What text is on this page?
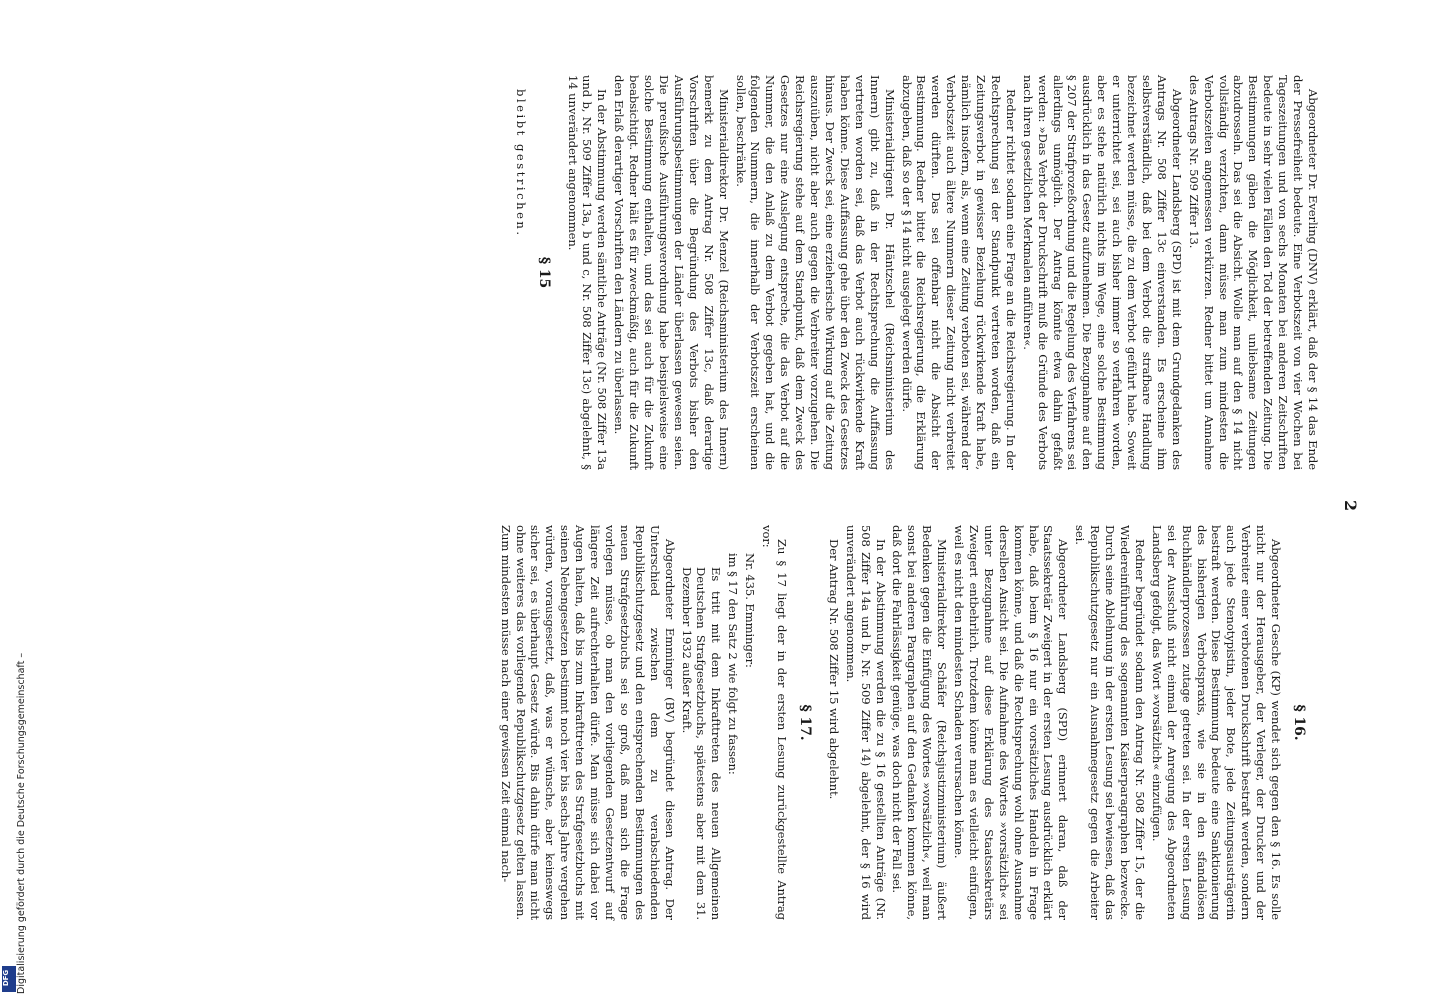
2

Abgeordneter Dr. Everling (DNV) erklärt, daß der § 14 das Ende der Pressefreiheit bedeute. Eine Verbotszeit von vier Wochen bei Tageszeitungen und von sechs Monaten bei anderen Zeitschriften bedeute in sehr vielen Fällen den Tod der betreffenden Zeitung. Die Bestimmungen gäben die Möglichkeit, unliebsame Zeitungen abzudrosseln. Das sei die Absicht. Wolle man auf den § 14 nicht vollständig verzichten, dann müsse man zum mindesten die Verbotszeiten angemessen verkürzen. Redner bittet um Annahme des Antrags Nr. 509 Ziffer 13.

Abgeordneter Landsberg (SPD) ist mit dem Grundgedanken des Antrags Nr. 508 Ziffer 13c einverstanden. Es erscheine ihm selbstverständlich, daß bei dem Verbot die strafbare Handlung bezeichnet werden müsse, die zu dem Verbot geführt habe. Soweit er unterrichtet sei, sei auch bisher immer so verfahren worden, aber es stehe natürlich nichts im Wege, eine solche Bestimmung ausdrücklich in das Gesetz aufzunehmen. Die Bezugnahme auf den § 207 der Strafprozeßordnung und die Regelung des Verfahrens sei allerdings unmöglich. Der Antrag könnte etwa dahin gefaßt werden: »Das Verbot der Druckschrift muß die Gründe des Verbots nach ihren gesetzlichen Merkmalen anführen«.

Redner richtet sodann eine Frage an die Reichsregierung. In der Rechtsprechung sei der Standpunkt vertreten worden, daß ein Zeitungsverbot in gewisser Beziehung rückwirkende Kraft habe, nämlich insofern, als, wenn eine Zeitung verboten sei, während der Verbotszeit auch ältere Nummern dieser Zeitung nicht verbreitet werden dürften. Das sei offenbar nicht die Absicht der Bestimmung. Redner bittet die Reichsregierung, die Erklärung abzugeben, daß so der § 14 nicht ausgelegt werden dürfe.

Ministerialdirigent Dr. Häntzschel (Reichsministerium des Innern) gibt zu, daß in der Rechtsprechung die Auffassung vertreten worden sei, daß das Verbot auch rückwirkende Kraft haben könne. Diese Auffassung gehe über den Zweck des Gesetzes hinaus. Der Zweck sei, eine erzieherische Wirkung auf die Zeitung auszuüben, nicht aber auch gegen die Verbreiter vorzugehen. Die Reichsregierung stehe auf dem Standpunkt, daß dem Zweck des Gesetzes nur eine Auslegung entspreche, die das Verbot auf die Nummer, die den Anlaß zu dem Verbot gegeben hat, und die folgenden Nummern, die innerhalb der Verbotszeit erscheinen sollen, beschränke.

Ministerialdirektor Dr. Menzel (Reichsministerium des Innern) bemerkt zu dem Antrag Nr. 508 Ziffer 13c, daß derartige Vorschriften über die Begründung des Verbots bisher den Ausführungsbestimmungen der Länder überlassen gewesen seien. Die preußische Ausführungsverordnung habe beispielsweise eine solche Bestimmung enthalten, und das sei auch für die Zukunft beabsichtigt. Redner hält es für zweckmäßig, auch für die Zukunft den Erlaß derartiger Vorschriften den Ländern zu überlassen.

In der Abstimmung werden sämtliche Anträge (Nr. 508 Ziffer 13a und b, Nr. 509 Ziffer 13a, b und c, Nr. 508 Ziffer 13c) abgelehnt, § 14 unverändert angenommen.

§ 15

bleibt gestrichen.

§ 16.

Abgeordneter Gesche (KP) wendet sich gegen den § 16. Es solle nicht nur der Herausgeber, der Verleger, der Drucker und der Verbreiter einer verbotenen Druckschrift bestraft werden, sondern auch jede Stenotypistin, jeder Bote, jede Zeitungsausträgerin bestraft werden. Diese Bestimmung bedeute eine Sanktionierung des bisherigen Verbotspraxis, wie sie in den sfandalösen Buchhändlerprozessen zutage getreten sei. In der ersten Lesung sei der Ausschuß nicht einmal der Anregung des Abgeordneten Landsberg gefolgt, das Wort »vorsätzlich« einzufügen.

Redner begründet sodann den Antrag Nr. 508 Ziffer 15, der die Wiedereinführung des sogenannten Kaiserparagraphen bezwecke. Durch seine Ablehnung in der ersten Lesung sei bewiesen, daß das Republikschutzgesetz nur ein Ausnahmegesetz gegen die Arbeiter sei.

Abgeordneter Landsberg (SPD) erinnert daran, daß der Staatssekretär Zweigert in der ersten Lesung ausdrücklich erklärt habe, daß beim § 16 nur ein vorsätzliches Handeln in Frage kommen könne, und daß die Rechtsprechung wohl ohne Ausnahme derselben Ansicht sei. Die Aufnahme des Wortes »vorsätzlich« sei unter Bezugnahme auf diese Erklärung des Staatssekretärs Zweigert entbehrlich. Trotzdem könne man es vielleicht einfügen, weil es nicht den mindesten Schaden verursachen könne.

Ministerialdirektor Schäfer (Reichsjustizministerium) äußert Bedenken gegen die Einfügung des Wortes »vorsätzlich«, weil man sonst bei anderen Paragraphen auf den Gedanken kommen könne, daß dort die Fahrlässigkeit genüge, was doch nicht der Fall sei.

In der Abstimmung werden die zu § 16 gestellten Anträge (Nr. 508 Ziffer 14a und b, Nr. 509 Ziffer 14) abgelehnt, der § 16 wird unverändert angenommen.

Der Antrag Nr. 508 Ziffer 15 wird abgelehnt.

§ 17.

Zu § 17 liegt der in der ersten Lesung zurückgestellte Antrag vor:

Nr. 435. Emminger:

im § 17 den Satz 2 wie folgt zu fassen:

Es tritt mit dem Inkrafttreten des neuen Allgemeinen Deutschen Strafgesetzbuchs, spätestens aber mit dem 31. Dezember 1932 außer Kraft.

Abgeordneter Emminger (BV) begründet diesen Antrag. Der Unterschied zwischen dem zu verabschiedenden Republikschutzgesetz und den entsprechenden Bestimmungen des neuen Strafgesetzbuchs sei so groß, daß man sich die Frage vorlegen müsse, ob man den vorliegenden Gesetzentwurf auf längere Zeit aufrechterhalten dürfe. Man müsse sich dabei vor Augen halten, daß bis zum Inkrafttreten des Strafgesetzbuchs mit seinen Nebengesetzen bestimmt noch vier bis sechs Jahre vergehen würden, vorausgesetzt, daß, was er wünsche, aber keineswegs sicher sei, es überhaupt Gesetz würde. Bis dahin dürfe man nicht ohne weiteres das vorliegende Republikschutzgesetz gelten lassen. Zum mindesten müsse nach einer gewissen Zeit einmal nach-

Digitalisierung gefördert durch die Deutsche Forschungsgemeinschaft –
DFG
